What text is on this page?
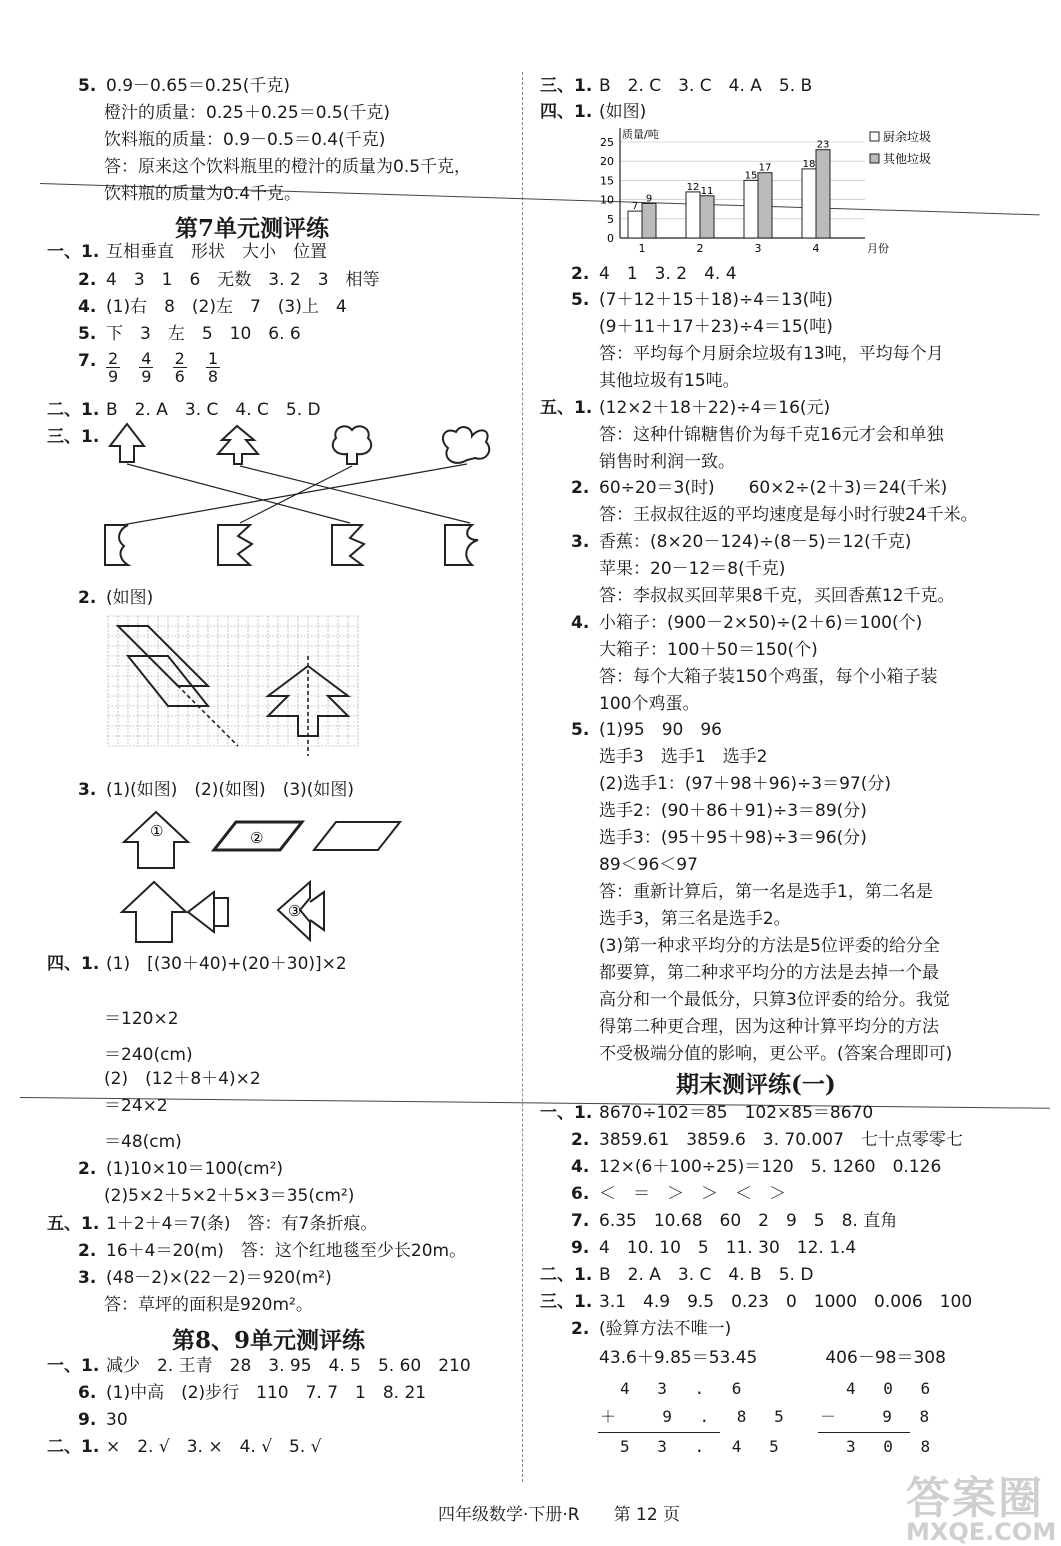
5. 0.9－0.65＝0.25(千克)
橙汁的质量：0.25＋0.25＝0.5(千克)
饮料瓶的质量：0.9－0.5＝0.4(千克)
答：原来这个饮料瓶里的橙汁的质量为0.5千克，
饮料瓶的质量为0.4千克。
一、1. 互相垂直　形状　大小　位置
2. 4　3　1　6　无数　3. 2　3　相等
4. (1)右　8　(2)左　7　(3)上　4
5. 下　3　左　5　10　6. 6
7.
二、1. B　2. A　3. C　4. C　5. D
三、1.
2. (如图)
3. (1)(如图)　(2)(如图)　(3)(如图)
四、1. (1)　[(30＋40)+(20＋30)]×2
＝120×2
＝240(cm)
(2)　(12＋8＋4)×2
＝24×2
＝48(cm)
2. (1)10×10＝100(cm²)
(2)5×2＋5×2＋5×3＝35(cm²)
五、1. 1＋2＋4＝7(条)　答：有7条折痕。
2. 16＋4＝20(m)　答：这个红地毯至少长20m。
3. (48－2)×(22－2)＝920(m²)
答：草坪的面积是920m²。
一、1. 减少　2. 王青　28　3. 95　4. 5　5. 60　210
6. (1)中高　(2)步行　110　7. 7　1　8. 21
9. 30
二、1. ×　2. √　3. ×　4. √　5. √
第7单元测评练
第8、9单元测评练
$\frac{2}{9}$
$\frac{4}{9}$
$\frac{2}{6}$
$\frac{1}{8}$
①	②
③
三、1. B　2. C　3. C　4. A　5. B
四、1. (如图)
2. 4　1　3. 2　4. 4
5. (7＋12＋15＋18)÷4＝13(吨)
(9＋11＋17＋23)÷4＝15(吨)
答：平均每个月厨余垃圾有13吨，平均每个月
其他垃圾有15吨。
五、1. (12×2＋18＋22)÷4＝16(元)
答：这种什锦糖售价为每千克16元才会和单独
销售时利润一致。
2. 60÷20＝3(时)　　60×2÷(2＋3)＝24(千米)
答：王叔叔往返的平均速度是每小时行驶24千米。
3. 香蕉：(8×20－124)÷(8－5)＝12(千克)
苹果：20－12＝8(千克)
答：李叔叔买回苹果8千克，买回香蕉12千克。
4. 小箱子：(900－2×50)÷(2＋6)＝100(个)
大箱子：100＋50＝150(个)
答：每个大箱子装150个鸡蛋，每个小箱子装
100个鸡蛋。
5. (1)95　90　96
选手3　选手1　选手2
(2)选手1：(97＋98＋96)÷3＝97(分)
选手2：(90＋86＋91)÷3＝89(分)
选手3：(95＋95＋98)÷3＝96(分)
89＜96＜97
答：重新计算后，第一名是选手1，第二名是
选手3，第三名是选手2。
(3)第一种求平均分的方法是5位评委的给分全
都要算，第二种求平均分的方法是去掉一个最
高分和一个最低分，只算3位评委的给分。我觉
得第二种更合理，因为这种计算平均分的方法
不受极端分值的影响，更公平。(答案合理即可)
一、1. 8670÷102＝85　102×85＝8670
2. 3859.61　3859.6　3. 70.007　七十点零零七
4. 12×(6＋100÷25)＝120　5. 1260　0.126
6. ＜　＝　＞　＞　＜　＞
7. 6.35　10.68　60　2　9　5　8. 直角
9. 4　10. 10　5　11. 30　12. 1.4
二、1. B　2. A　3. C　4. B　5. D
三、1. 3.1　4.9　9.5　0.23　0　1000　0.006　100
2. (验算方法不唯一)
43.6＋9.85＝53.45　　　　406－98＝308
期末测评练(一)
0
5
10
15
20
25
质量/吨
月份
7
9
1
12 11
2
15
17
3
18
23
4
厨余垃圾
其他垃圾
4 3 . 6
＋  9 . 8 5
5 3 . 4 5
4 0 6
－  9 8
3 0 8
四年级数学·下册·R　　第 12 页	答案圈
MXQE.COM
